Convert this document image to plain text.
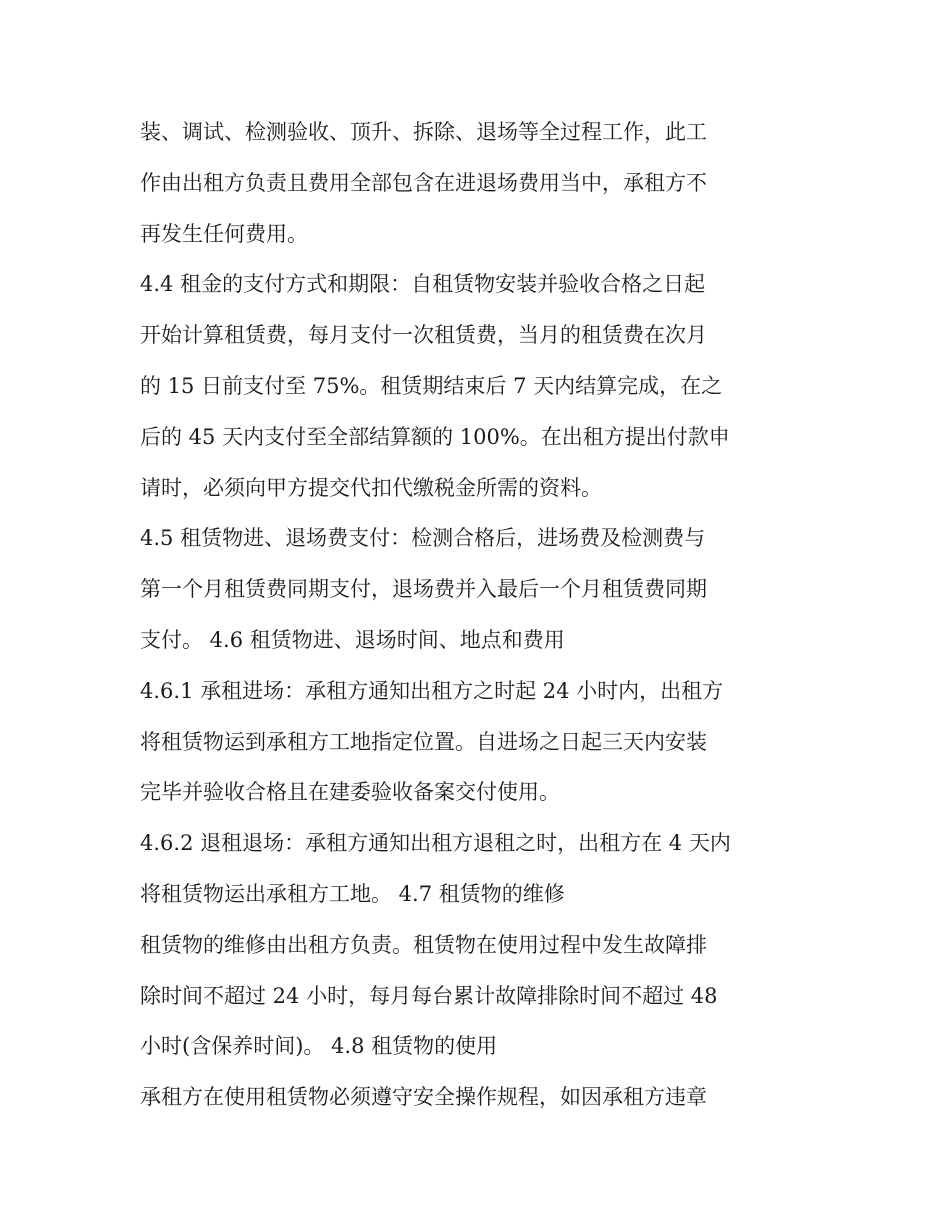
装、调试、检测验收、顶升、拆除、退场等全过程工作，此工
作由出租方负责且费用全部包含在进退场费用当中，承租方不
再发生任何费用。
4.4 租金的支付方式和期限：自租赁物安装并验收合格之日起
开始计算租赁费，每月支付一次租赁费，当月的租赁费在次月
的 15 日前支付至 75%。租赁期结束后 7 天内结算完成，在之
后的 45 天内支付至全部结算额的 100%。在出租方提出付款申
请时，必须向甲方提交代扣代缴税金所需的资料。
4.5 租赁物进、退场费支付：检测合格后，进场费及检测费与
第一个月租赁费同期支付，退场费并入最后一个月租赁费同期
支付。 4.6 租赁物进、退场时间、地点和费用
4.6.1 承租进场：承租方通知出租方之时起 24 小时内，出租方
将租赁物运到承租方工地指定位置。自进场之日起三天内安装
完毕并验收合格且在建委验收备案交付使用。
4.6.2 退租退场：承租方通知出租方退租之时，出租方在 4 天内
将租赁物运出承租方工地。 4.7 租赁物的维修
租赁物的维修由出租方负责。租赁物在使用过程中发生故障排
除时间不超过 24 小时，每月每台累计故障排除时间不超过 48
小时(含保养时间)。 4.8 租赁物的使用
承租方在使用租赁物必须遵守安全操作规程，如因承租方违章
